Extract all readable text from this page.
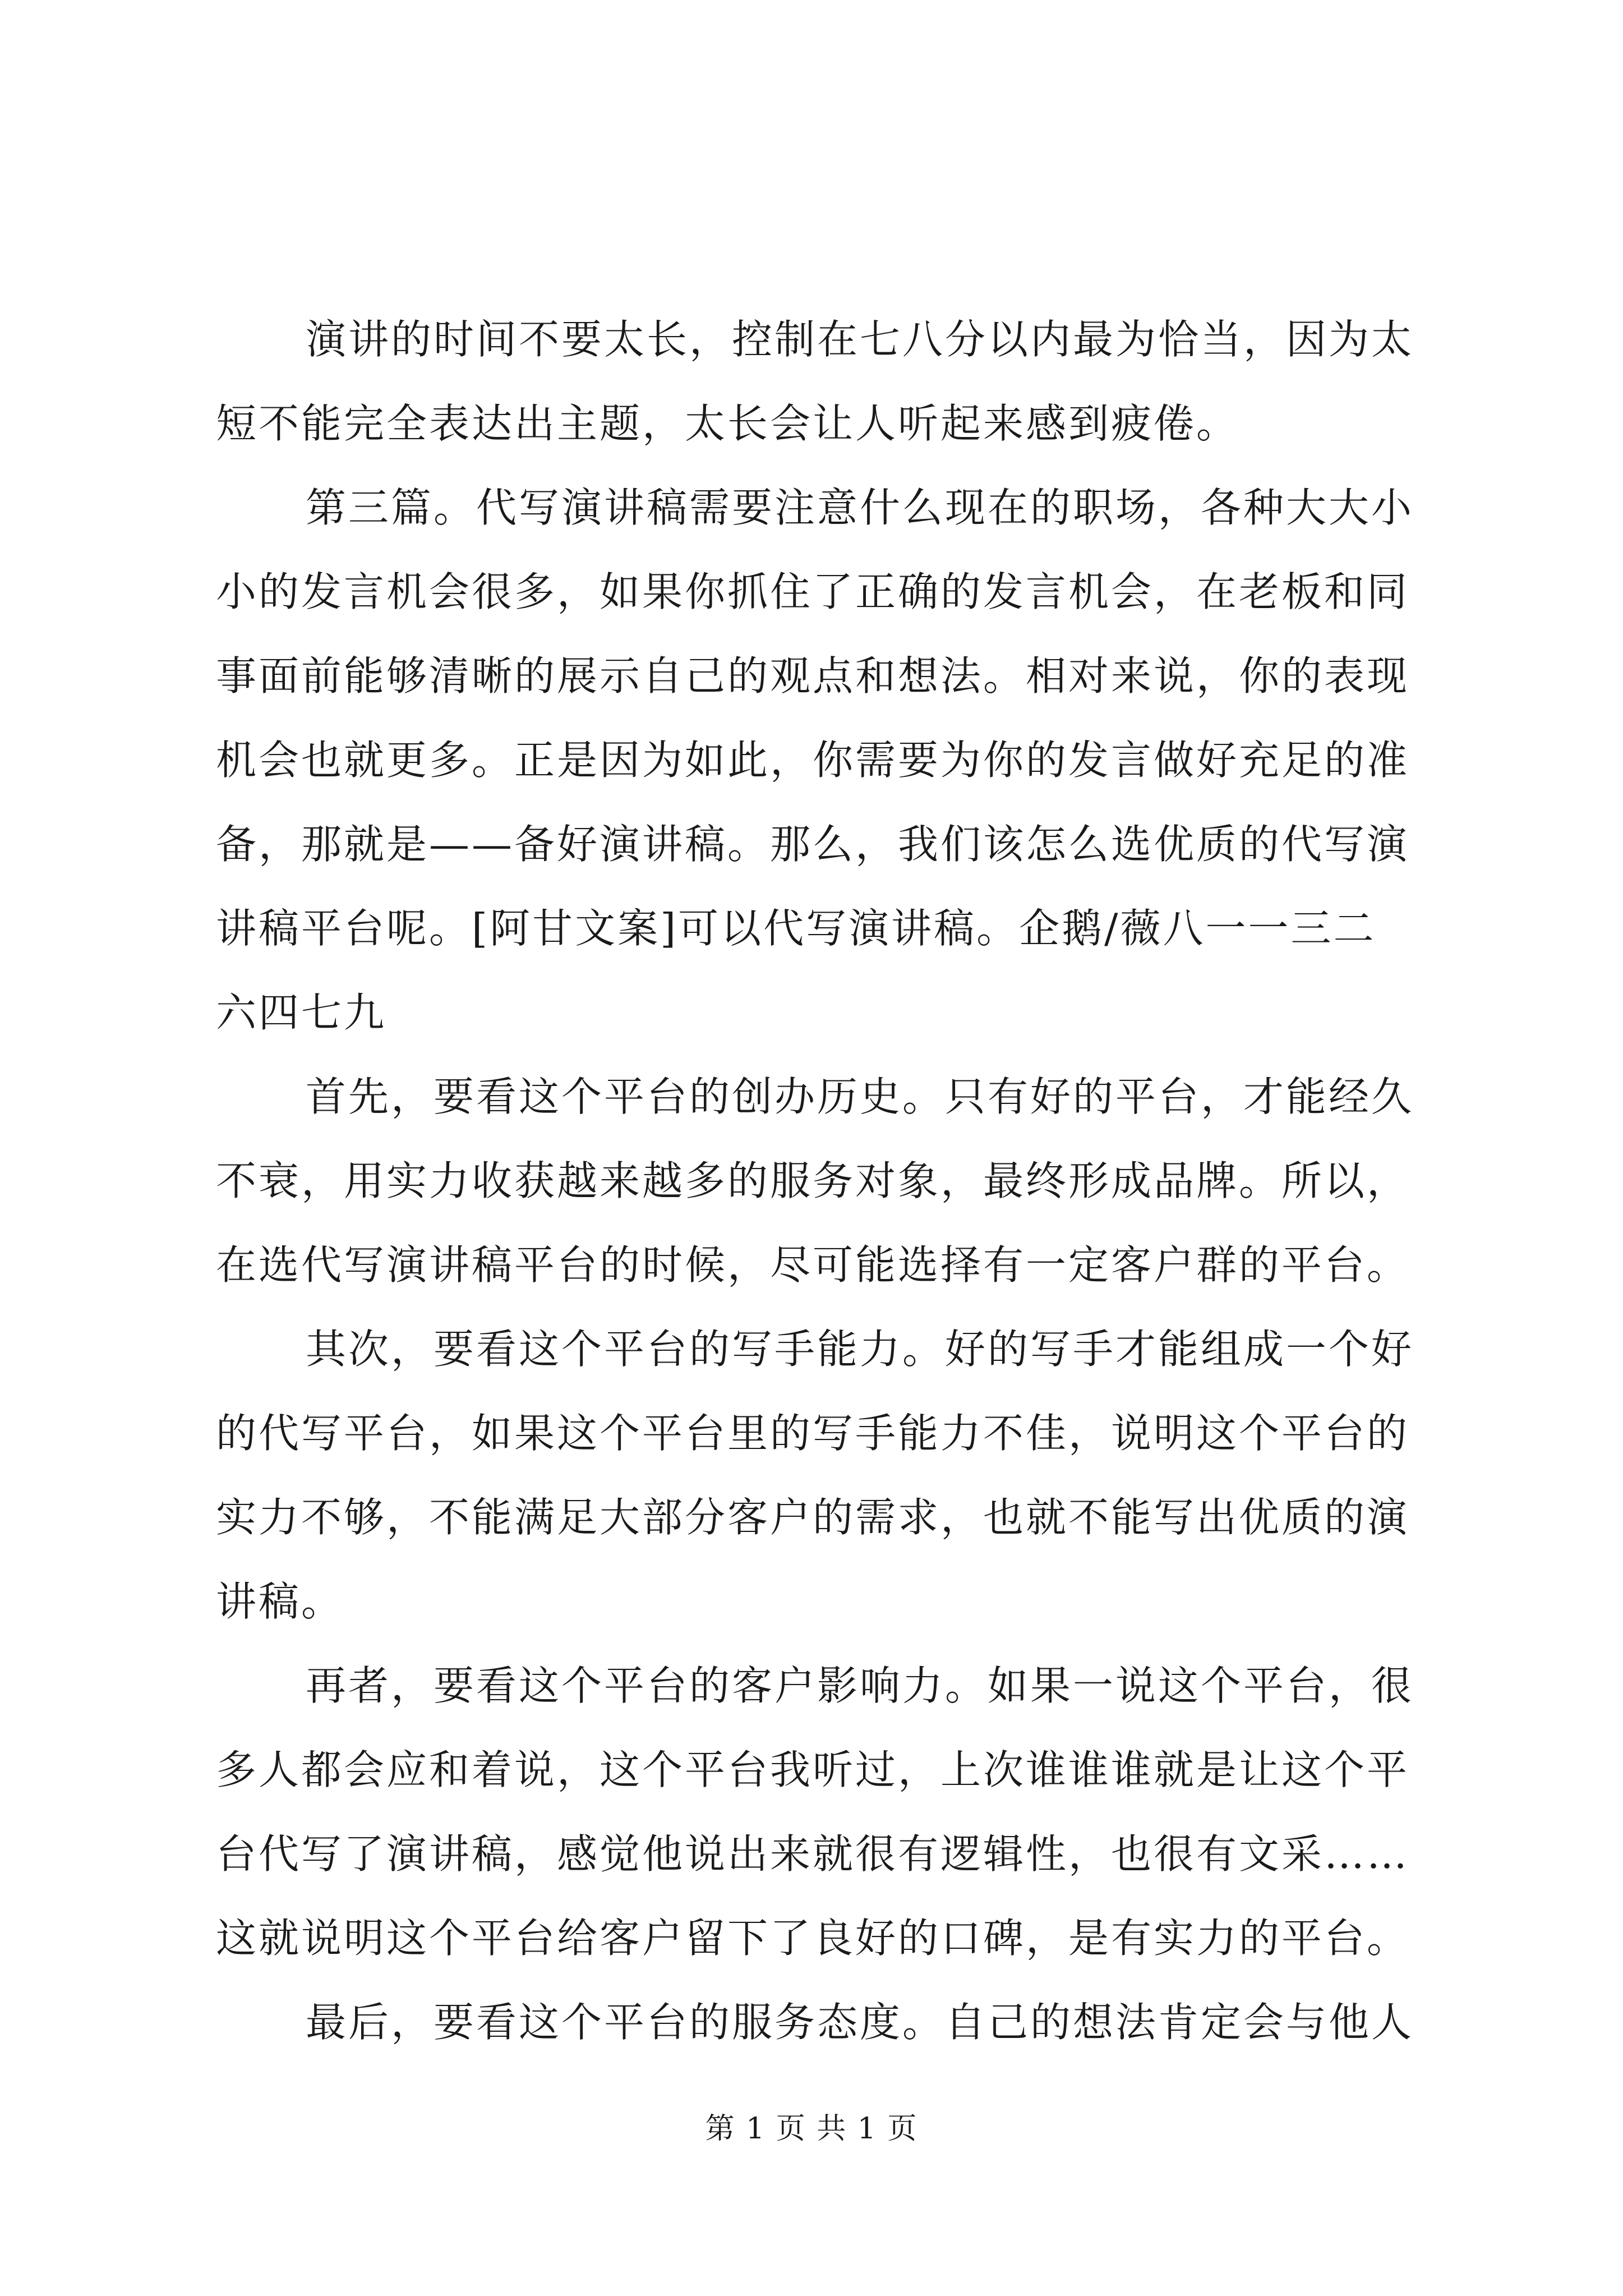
演讲的时间不要太长，控制在七八分以内最为恰当，因为太
短不能完全表达出主题，太长会让人听起来感到疲倦。
第三篇。代写演讲稿需要注意什么现在的职场，各种大大小
小的发言机会很多，如果你抓住了正确的发言机会，在老板和同
事面前能够清晰的展示自己的观点和想法。相对来说，你的表现
机会也就更多。正是因为如此，你需要为你的发言做好充足的准
备，那就是——备好演讲稿。那么，我们该怎么选优质的代写演
讲稿平台呢。[阿甘文案]可以代写演讲稿。企鹅/薇八一一三二
六四七九
首先，要看这个平台的创办历史。只有好的平台，才能经久
不衰，用实力收获越来越多的服务对象，最终形成品牌。所以，
在选代写演讲稿平台的时候，尽可能选择有一定客户群的平台。
其次，要看这个平台的写手能力。好的写手才能组成一个好
的代写平台，如果这个平台里的写手能力不佳，说明这个平台的
实力不够，不能满足大部分客户的需求，也就不能写出优质的演
讲稿。
再者，要看这个平台的客户影响力。如果一说这个平台，很
多人都会应和着说，这个平台我听过，上次谁谁谁就是让这个平
台代写了演讲稿，感觉他说出来就很有逻辑性，也很有文采……
这就说明这个平台给客户留下了良好的口碑，是有实力的平台。
最后，要看这个平台的服务态度。自己的想法肯定会与他人
第 1 页 共 1 页
